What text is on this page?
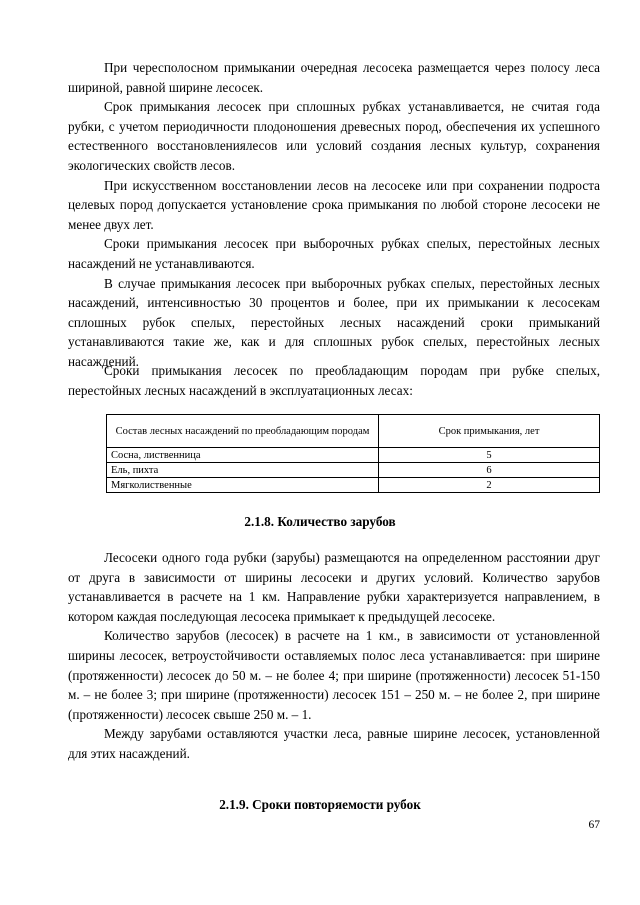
При чересполосном примыкании очередная лесосека размещается через полосу леса шириной, равной ширине лесосек.

Срок примыкания лесосек при сплошных рубках устанавливается, не считая года рубки, с учетом периодичности плодоношения древесных пород, обеспечения их успешного естественного восстановлениялесов или условий создания лесных культур, сохранения экологических свойств лесов.

При искусственном восстановлении лесов на лесосеке или при сохранении подроста целевых пород допускается установление срока примыкания по любой стороне лесосеки не менее двух лет.

Сроки примыкания лесосек при выборочных рубках спелых, перестойных лесных насаждений не устанавливаются.

В случае примыкания лесосек при выборочных рубках спелых, перестойных лесных насаждений, интенсивностью 30 процентов и более, при их примыкании к лесосекам сплошных рубок спелых, перестойных лесных насаждений сроки примыканий устанавливаются такие же, как и для сплошных рубок спелых, перестойных лесных насаждений.

Сроки примыкания лесосек по преобладающим породам при рубке спелых, перестойных лесных насаждений в эксплуатационных лесах:

Состав лесных насаждений по преобладающим породам	Срок примыкания, лет
Сосна, лиственница	5
Ель, пихта	6
Мягколиственные	2
2.1.8. Количество зарубов

Лесосеки одного года рубки (зарубы) размещаются на определенном расстоянии друг от друга в зависимости от ширины лесосеки и других условий. Количество зарубов устанавливается в расчете на 1 км. Направление рубки характеризуется направлением, в котором каждая последующая лесосека примыкает к предыдущей лесосеке.

Количество зарубов (лесосек) в расчете на 1 км., в зависимости от установленной ширины лесосек, ветроустойчивости оставляемых полос леса устанавливается: при ширине (протяженности) лесосек до 50 м. – не более 4; при ширине (протяженности) лесосек 51-150 м. – не более 3; при ширине (протяженности) лесосек 151 – 250 м. – не более 2, при ширине (протяженности) лесосек свыше 250 м. – 1.

Между зарубами оставляются участки леса, равные ширине лесосек, установленной для этих насаждений.

2.1.9. Сроки повторяемости рубок
67
